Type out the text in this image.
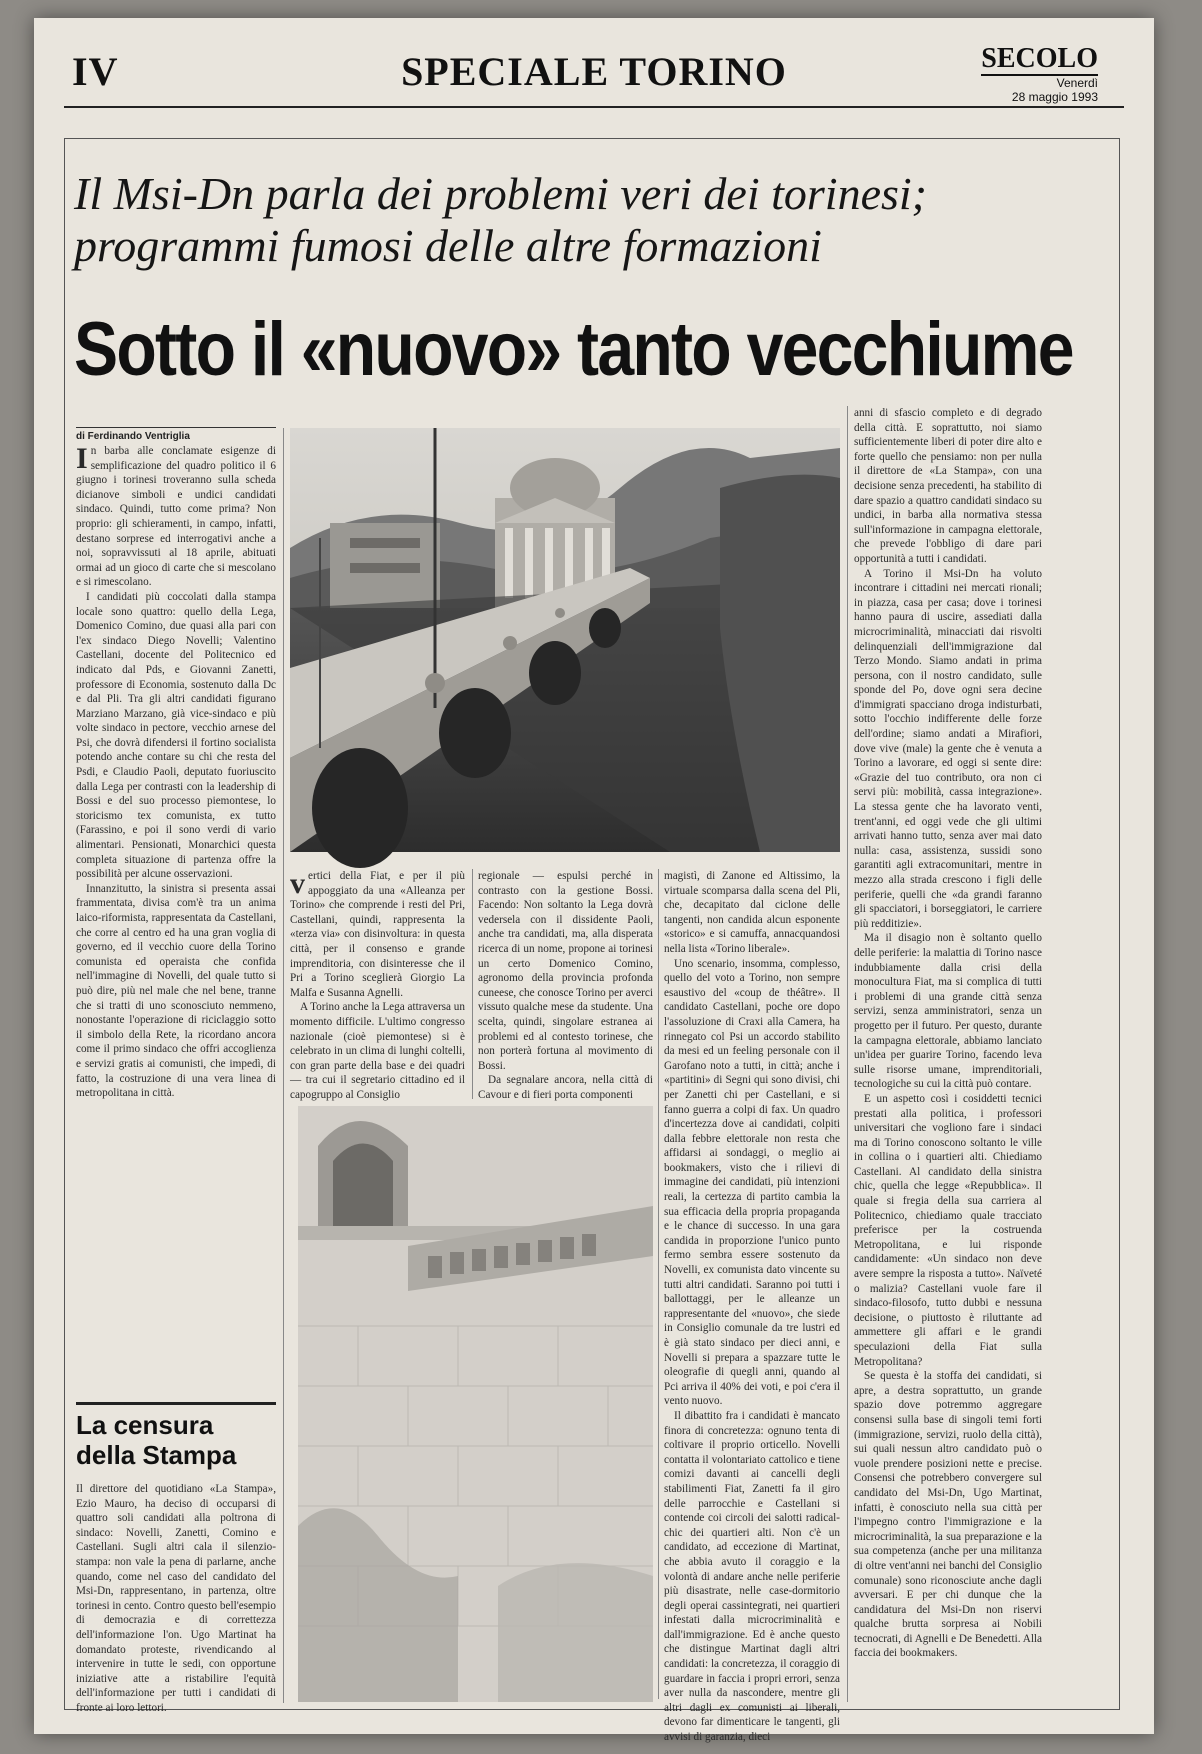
IV	SPECIALE TORINO	SECOLO
Venerdì
28 maggio 1993
Il Msi-Dn parla dei problemi veri dei torinesi;
programmi fumosi delle altre formazioni
Sotto il «nuovo» tanto vecchiume
di Ferdinando Ventriglia

In barba alle conclamate esigenze di semplificazione del quadro politico il 6 giugno i torinesi troveranno sulla scheda dicianove simboli e undici candidati sindaco. Quindi, tutto come prima? Non proprio: gli schieramenti, in campo, infatti, destano sorprese ed interrogativi anche a noi, sopravvissuti al 18 aprile, abituati ormai ad un gioco di carte che si mescolano e si rimescolano.

I candidati più coccolati dalla stampa locale sono quattro: quello della Lega, Domenico Comino, due quasi alla pari con l'ex sindaco Diego Novelli; Valentino Castellani, docente del Politecnico ed indicato dal Pds, e Giovanni Zanetti, professore di Economia, sostenuto dalla Dc e dal Pli. Tra gli altri candidati figurano Marziano Marzano, già vice-sindaco e più volte sindaco in pectore, vecchio arnese del Psi, che dovrà difendersi il fortino socialista potendo anche contare su chi che resta del Psdi, e Claudio Paoli, deputato fuoriuscito dalla Lega per contrasti con la leadership di Bossi e del suo processo piemontese, lo storicismo tex comunista, ex tutto (Farassino, e poi il sono verdi di vario alimentari. Pensionati, Monarchici questa completa situazione di partenza offre la possibilità per alcune osservazioni.

Innanzitutto, la sinistra si presenta assai frammentata, divisa com'è tra un anima laico-riformista, rappresentata da Castellani, che corre al centro ed ha una gran voglia di governo, ed il vecchio cuore della Torino comunista ed operaista che confida nell'immagine di Novelli, del quale tutto si può dire, più nel male che nel bene, tranne che si tratti di uno sconosciuto nemmeno, nonostante l'operazione di riciclaggio sotto il simbolo della Rete, la ricordano ancora come il primo sindaco che offri accoglienza e servizi gratis ai comunisti, che impedì, di fatto, la costruzione di una vera linea di metropolitana in città.

vertici della Fiat, e per il più appoggiato da una «Alleanza per Torino» che comprende i resti del Pri, Castellani, quindi, rappresenta la «terza via» con disinvoltura: in questa città, per il consenso e grande imprenditoria, con disinteresse che il Pri a Torino sceglierà Giorgio La Malfa e Susanna Agnelli.

A Torino anche la Lega attraversa un momento difficile. L'ultimo congresso nazionale (cioè piemontese) si è celebrato in un clima di lunghi coltelli, con gran parte della base e dei quadri — tra cui il segretario cittadino ed il capogruppo al Consiglio

regionale — espulsi perché in contrasto con la gestione Bossi. Facendo: Non soltanto la Lega dovrà vedersela con il dissidente Paoli, anche tra candidati, ma, alla disperata ricerca di un nome, propone ai torinesi un certo Domenico Comino, agronomo della provincia profonda cuneese, che conosce Torino per averci vissuto qualche mese da studente. Una scelta, quindi, singolare estranea ai problemi ed al contesto torinese, che non porterà fortuna al movimento di Bossi.

Da segnalare ancora, nella città di Cavour e di fieri porta componenti

magistì, di Zanone ed Altissimo, la virtuale scomparsa dalla scena del Pli, che, decapitato dal ciclone delle tangenti, non candida alcun esponente «storico» e si camuffa, annacquandosi nella lista «Torino liberale».

Uno scenario, insomma, complesso, quello del voto a Torino, non sempre esaustivo del «coup de théâtre». Il candidato Castellani, poche ore dopo l'assoluzione di Craxi alla Camera, ha rinnegato col Psi un accordo stabilito da mesi ed un feeling personale con il Garofano noto a tutti, in città; anche i «partitini» di Segni qui sono divisi, chi per Zanetti chi per Castellani, e si fanno guerra a colpi di fax. Un quadro d'incertezza dove ai candidati, colpiti dalla febbre elettorale non resta che affidarsi ai sondaggi, o meglio ai bookmakers, visto che i rilievi di immagine dei candidati, più intenzioni reali, la certezza di partito cambia la sua efficacia della propria propaganda e le chance di successo. In una gara candida in proporzione l'unico punto fermo sembra essere sostenuto da Novelli, ex comunista dato vincente su tutti altri candidati. Saranno poi tutti i ballottaggi, per le alleanze un rappresentante del «nuovo», che siede in Consiglio comunale da tre lustri ed è già stato sindaco per dieci anni, e Novelli si prepara a spazzare tutte le oleografie di quegli anni, quando al Pci arriva il 40% dei voti, e poi c'era il vento nuovo.

Il dibattito fra i candidati è mancato finora di concretezza: ognuno tenta di coltivare il proprio orticello. Novelli contatta il volontariato cattolico e tiene comizi davanti ai cancelli degli stabilimenti Fiat, Zanetti fa il giro delle parrocchie e Castellani si contende coi circoli dei salotti radical-chic dei quartieri alti. Non c'è un candidato, ad eccezione di Martinat, che abbia avuto il coraggio e la volontà di andare anche nelle periferie più disastrate, nelle case-dormitorio degli operai cassintegrati, nei quartieri infestati dalla microcriminalità e dall'immigrazione. Ed è anche questo che distingue Martinat dagli altri candidati: la concretezza, il coraggio di guardare in faccia i propri errori, senza aver nulla da nascondere, mentre gli altri dagli ex comunisti ai liberali, devono far dimenticare le tangenti, gli avvisi di garanzia, dieci

La censura della Stampa

Il direttore del quotidiano «La Stampa», Ezio Mauro, ha deciso di occuparsi di quattro soli candidati alla poltrona di sindaco: Novelli, Zanetti, Comino e Castellani. Sugli altri cala il silenzio-stampa: non vale la pena di parlarne, anche quando, come nel caso del candidato del Msi-Dn, rappresentano, in partenza, oltre torinesi in cento. Contro questo bell'esempio di democrazia e di correttezza dell'informazione l'on. Ugo Martinat ha domandato proteste, rivendicando al intervenire in tutte le sedi, con opportune iniziative atte a ristabilire l'equità dell'informazione per tutti i candidati di fronte ai loro lettori.

anni di sfascio completo e di degrado della città. E soprattutto, noi siamo sufficientemente liberi di poter dire alto e forte quello che pensiamo: non per nulla il direttore de «La Stampa», con una decisione senza precedenti, ha stabilito di dare spazio a quattro candidati sindaco su undici, in barba alla normativa stessa sull'informazione in campagna elettorale, che prevede l'obbligo di dare pari opportunità a tutti i candidati.

A Torino il Msi-Dn ha voluto incontrare i cittadini nei mercati rionali; in piazza, casa per casa; dove i torinesi hanno paura di uscire, assediati dalla microcriminalità, minacciati dai risvolti delinquenziali dell'immigrazione dal Terzo Mondo. Siamo andati in prima persona, con il nostro candidato, sulle sponde del Po, dove ogni sera decine d'immigrati spacciano droga indisturbati, sotto l'occhio indifferente delle forze dell'ordine; siamo andati a Mirafiori, dove vive (male) la gente che è venuta a Torino a lavorare, ed oggi si sente dire: «Grazie del tuo contributo, ora non ci servi più: mobilità, cassa integrazione». La stessa gente che ha lavorato venti, trent'anni, ed oggi vede che gli ultimi arrivati hanno tutto, senza aver mai dato nulla: casa, assistenza, sussidi sono garantiti agli extracomunitari, mentre in mezzo alla strada crescono i figli delle periferie, quelli che «da grandi faranno gli spacciatori, i borseggiatori, le carriere più redditizie».

Ma il disagio non è soltanto quello delle periferie: la malattia di Torino nasce indubbiamente dalla crisi della monocultura Fiat, ma si complica di tutti i problemi di una grande città senza servizi, senza amministratori, senza un progetto per il futuro. Per questo, durante la campagna elettorale, abbiamo lanciato un'idea per guarire Torino, facendo leva sulle risorse umane, imprenditoriali, tecnologiche su cui la città può contare.

E un aspetto così i cosiddetti tecnici prestati alla politica, i professori universitari che vogliono fare i sindaci ma di Torino conoscono soltanto le ville in collina o i quartieri alti. Chiediamo Castellani. Al candidato della sinistra chic, quella che legge «Repubblica». Il quale si fregia della sua carriera al Politecnico, chiediamo quale tracciato preferisce per la costruenda Metropolitana, e lui risponde candidamente: «Un sindaco non deve avere sempre la risposta a tutto». Naïveté o malizia? Castellani vuole fare il sindaco-filosofo, tutto dubbi e nessuna decisione, o piuttosto è riluttante ad ammettere gli affari e le grandi speculazioni della Fiat sulla Metropolitana?

Se questa è la stoffa dei candidati, si apre, a destra soprattutto, un grande spazio dove potremmo aggregare consensi sulla base di singoli temi forti (immigrazione, servizi, ruolo della città), sui quali nessun altro candidato può o vuole prendere posizioni nette e precise. Consensi che potrebbero convergere sul candidato del Msi-Dn, Ugo Martinat, infatti, è conosciuto nella sua città per l'impegno contro l'immigrazione e la microcriminalità, la sua preparazione e la sua competenza (anche per una militanza di oltre vent'anni nei banchi del Consiglio comunale) sono riconosciute anche dagli avversari. E per chi dunque che la candidatura del Msi-Dn non riservi qualche brutta sorpresa ai Nobili tecnocrati, di Agnelli e De Benedetti. Alla faccia dei bookmakers.
